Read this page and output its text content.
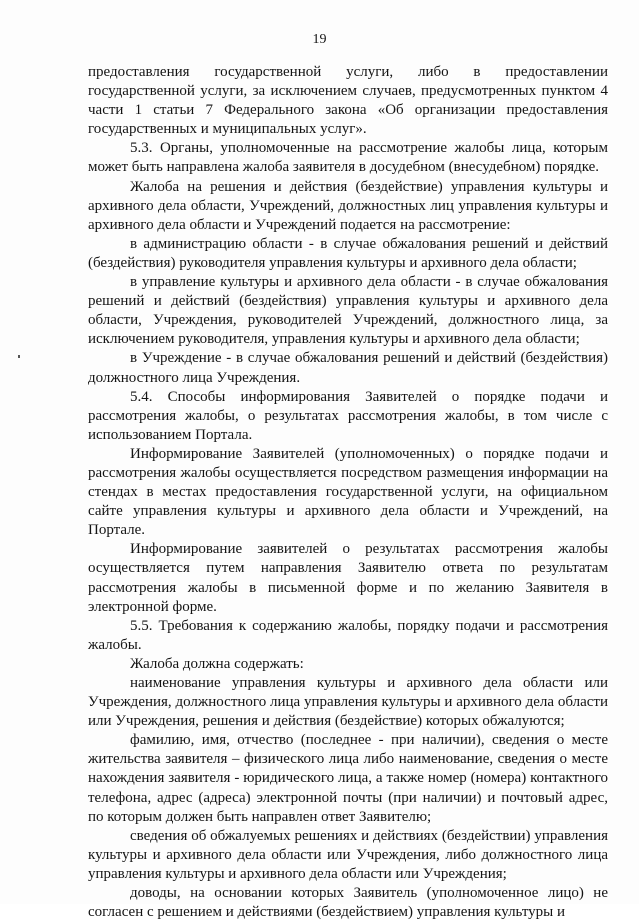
19

предоставления государственной услуги, либо в предоставлении государственной услуги, за исключением случаев, предусмотренных пунктом 4 части 1 статьи 7 Федерального закона «Об организации предоставления государственных и муниципальных услуг».

5.3. Органы, уполномоченные на рассмотрение жалобы лица, которым может быть направлена жалоба заявителя в досудебном (внесудебном) порядке.

Жалоба на решения и действия (бездействие) управления культуры и архивного дела области, Учреждений, должностных лиц управления культуры и архивного дела области и Учреждений подается на рассмотрение:

в администрацию области - в случае обжалования решений и действий (бездействия) руководителя управления культуры и архивного дела области;

в управление культуры и архивного дела области - в случае обжалования решений и действий (бездействия) управления культуры и архивного дела области, Учреждения, руководителей Учреждений, должностного лица, за исключением руководителя, управления культуры и архивного дела области;

в Учреждение - в случае обжалования решений и действий (бездействия) должностного лица Учреждения.

5.4. Способы информирования Заявителей о порядке подачи и рассмотрения жалобы, о результатах рассмотрения жалобы, в том числе с использованием Портала.

Информирование Заявителей (уполномоченных) о порядке подачи и рассмотрения жалобы осуществляется посредством размещения информации на стендах в местах предоставления государственной услуги, на официальном сайте управления культуры и архивного дела области и Учреждений, на Портале.

Информирование заявителей о результатах рассмотрения жалобы осуществляется путем направления Заявителю ответа по результатам рассмотрения жалобы в письменной форме и по желанию Заявителя в электронной форме.

5.5. Требования к содержанию жалобы, порядку подачи и рассмотрения жалобы.

Жалоба должна содержать:

наименование управления культуры и архивного дела области или Учреждения, должностного лица управления культуры и архивного дела области или Учреждения, решения и действия (бездействие) которых обжалуются;

фамилию, имя, отчество (последнее - при наличии), сведения о месте жительства заявителя – физического лица либо наименование, сведения о месте нахождения заявителя - юридического лица, а также номер (номера) контактного телефона, адрес (адреса) электронной почты (при наличии) и почтовый адрес, по которым должен быть направлен ответ Заявителю;

сведения об обжалуемых решениях и действиях (бездействии) управления культуры и архивного дела области или Учреждения, либо должностного лица управления культуры и архивного дела области или Учреждения;

доводы, на основании которых Заявитель (уполномоченное лицо) не согласен с решением и действиями (бездействием) управления культуры и
